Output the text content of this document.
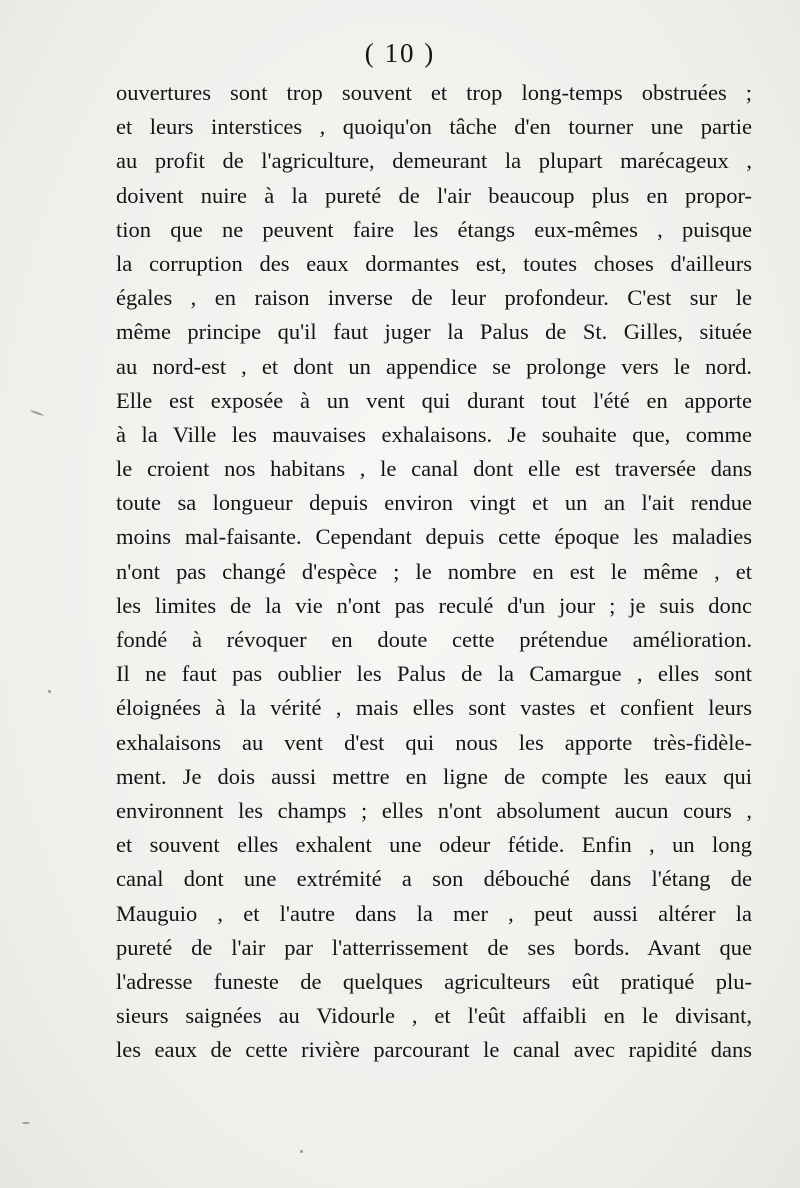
( 10 )
ouvertures sont trop souvent et trop long-temps obstruées ;
et leurs interstices , quoiqu'on tâche d'en tourner une partie
au profit de l'agriculture, demeurant la plupart marécageux ,
doivent nuire à la pureté de l'air beaucoup plus en propor-
tion que ne peuvent faire les étangs eux-mêmes , puisque
la corruption des eaux dormantes est, toutes choses d'ailleurs
égales , en raison inverse de leur profondeur. C'est sur le
même principe qu'il faut juger la Palus de St. Gilles, située
au nord-est , et dont un appendice se prolonge vers le nord.
Elle est exposée à un vent qui durant tout l'été en apporte
à la Ville les mauvaises exhalaisons. Je souhaite que, comme
le croient nos habitans , le canal dont elle est traversée dans
toute sa longueur depuis environ vingt et un an l'ait rendue
moins mal-faisante. Cependant depuis cette époque les maladies
n'ont pas changé d'espèce ; le nombre en est le même , et
les limites de la vie n'ont pas reculé d'un jour ; je suis donc
fondé à révoquer en doute cette prétendue amélioration.
Il ne faut pas oublier les Palus de la Camargue , elles sont
éloignées à la vérité , mais elles sont vastes et confient leurs
exhalaisons au vent d'est qui nous les apporte très-fidèle-
ment. Je dois aussi mettre en ligne de compte les eaux qui
environnent les champs ; elles n'ont absolument aucun cours ,
et souvent elles exhalent une odeur fétide. Enfin , un long
canal dont une extrémité a son débouché dans l'étang de
Mauguio , et l'autre dans la mer , peut aussi altérer la
pureté de l'air par l'atterrissement de ses bords. Avant que
l'adresse funeste de quelques agriculteurs eût pratiqué plu-
sieurs saignées au Vidourle , et l'eût affaibli en le divisant,
les eaux de cette rivière parcourant le canal avec rapidité dans
